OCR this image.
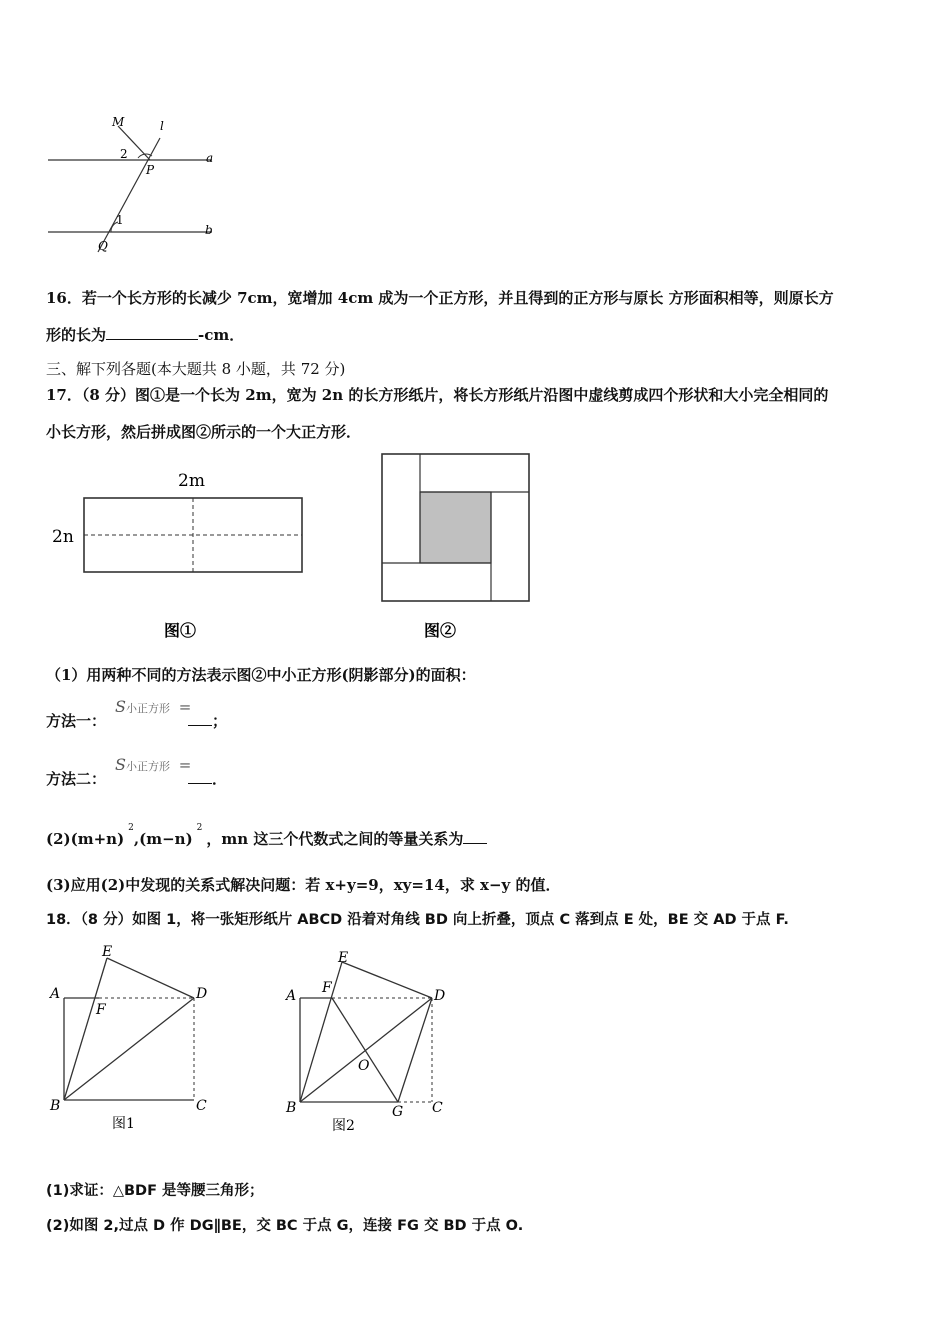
M	l
2
P
a
1
b
Q
16．若一个长方形的长减少 7cm，宽增加 4cm 成为一个正方形，并且得到的正方形与原长 方形面积相等，则原长方
形的长为	-cm．
三、解下列各题(本大题共 8 小题，共 72 分)
17．（8 分）图①是一个长为 2m，宽为 2n 的长方形纸片，将长方形纸片沿图中虚线剪成四个形状和大小完全相同的
小长方形，然后拼成图②所示的一个大正方形．
2m
2n
图①	图②
（1）用两种不同的方法表示图②中小正方形(阴影部分)的面积：
方法一：
S小正方形 =
；
方法二：
S小正方形 =
．
$(2)(m+n)^2,(m-n)^2$，mn 这三个代数式之间的等量关系为
(3)应用(2)中发现的关系式解决问题：若 x+y=9，xy=14，求 x−y 的值．
18．（8 分）如图 1，将一张矩形纸片 ABCD 沿着对角线 BD 向上折叠，顶点 C 落到点 E 处，BE 交 AD 于点 F.
A
E
F
D
B	C
图1
A
E
F	D
O
B	G C
图2
(1)求证：△BDF 是等腰三角形；
(2)如图 2,过点 D 作 DG∥BE，交 BC 于点 G，连接 FG 交 BD 于点 O.
